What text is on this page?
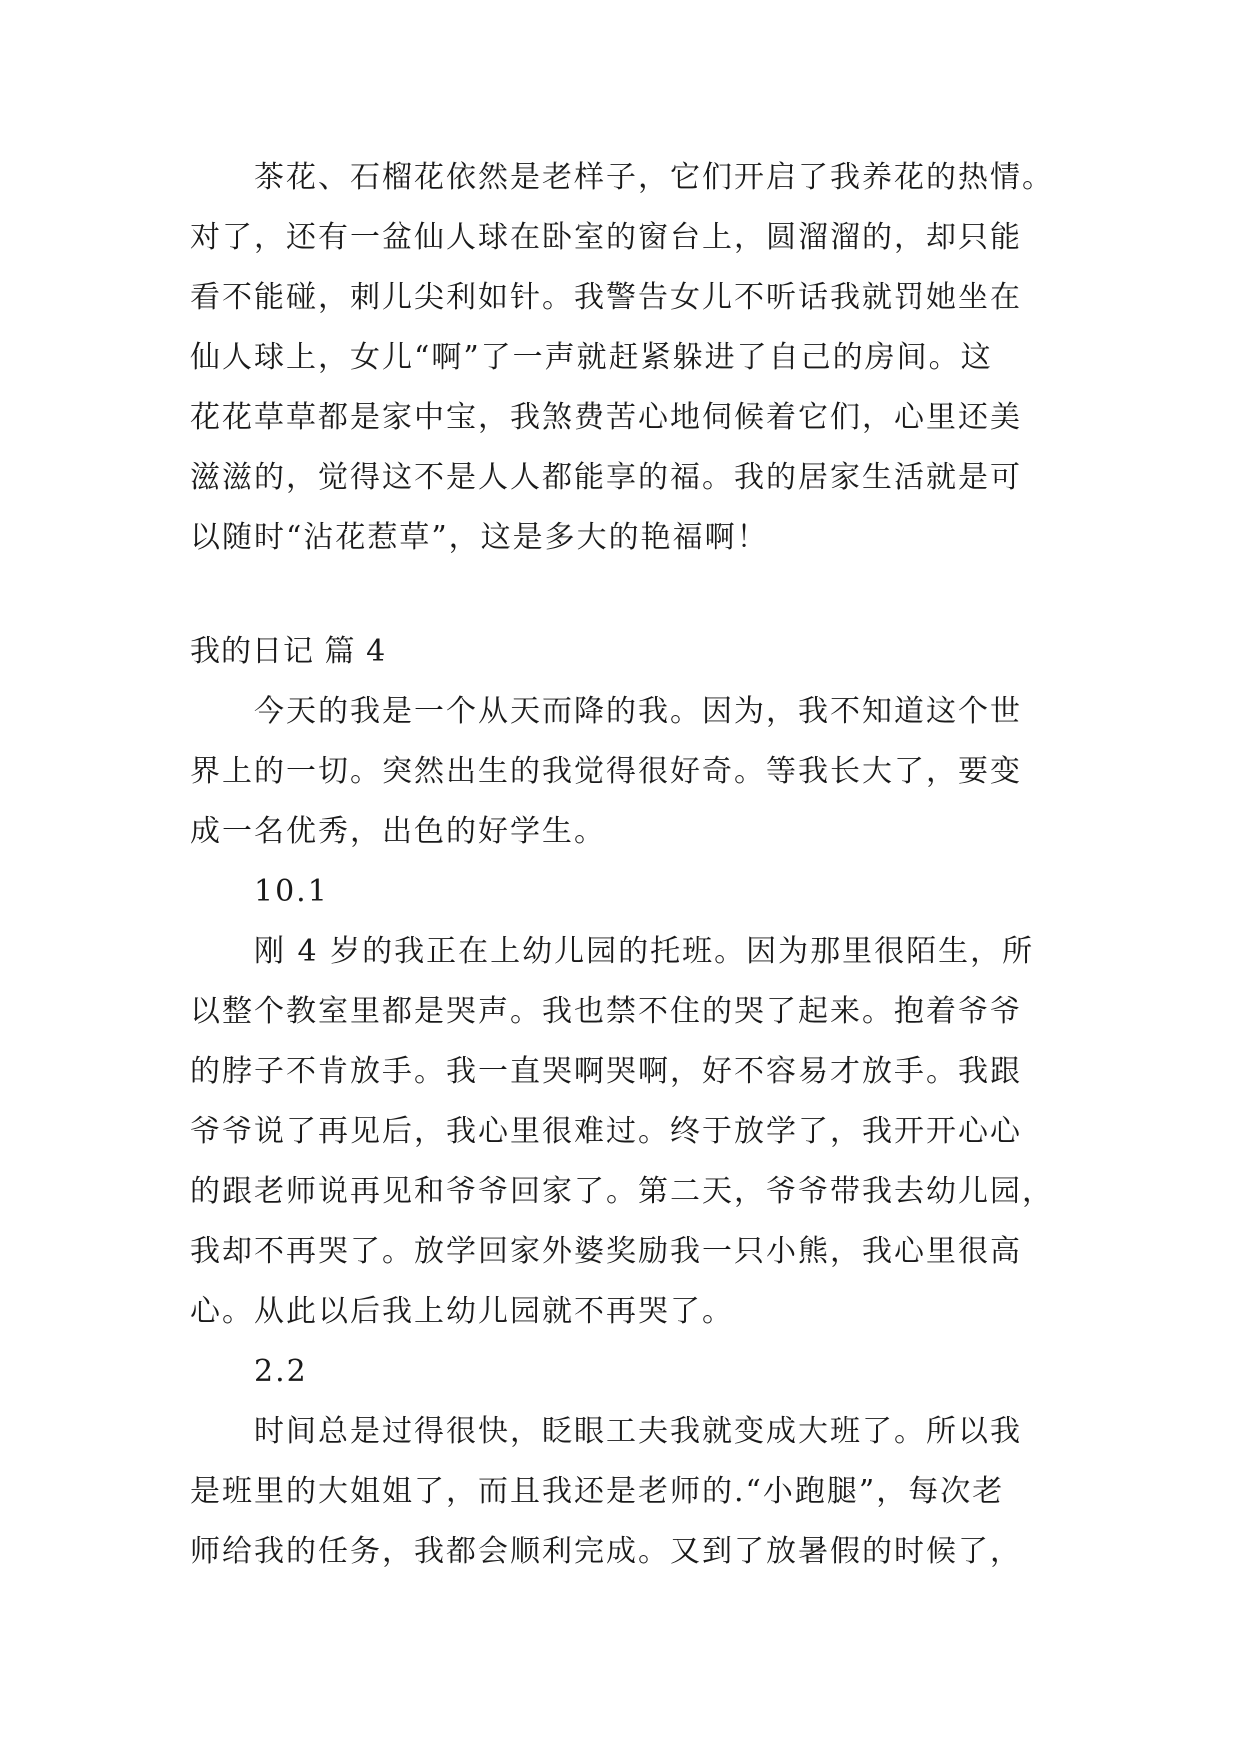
茶花、石榴花依然是老样子，它们开启了我养花的热情。
对了，还有一盆仙人球在卧室的窗台上，圆溜溜的，却只能
看不能碰，刺儿尖利如针。我警告女儿不听话我就罚她坐在
仙人球上，女儿“啊”了一声就赶紧躲进了自己的房间。这
花花草草都是家中宝，我煞费苦心地伺候着它们，心里还美
滋滋的，觉得这不是人人都能享的福。我的居家生活就是可
以随时“沾花惹草”，这是多大的艳福啊！
我的日记 篇 4
今天的我是一个从天而降的我。因为，我不知道这个世
界上的一切。突然出生的我觉得很好奇。等我长大了，要变
成一名优秀，出色的好学生。
10.1
刚 4 岁的我正在上幼儿园的托班。因为那里很陌生，所
以整个教室里都是哭声。我也禁不住的哭了起来。抱着爷爷
的脖子不肯放手。我一直哭啊哭啊，好不容易才放手。我跟
爷爷说了再见后，我心里很难过。终于放学了，我开开心心
的跟老师说再见和爷爷回家了。第二天，爷爷带我去幼儿园，
我却不再哭了。放学回家外婆奖励我一只小熊，我心里很高
心。从此以后我上幼儿园就不再哭了。
2.2
时间总是过得很快，眨眼工夫我就变成大班了。所以我
是班里的大姐姐了，而且我还是老师的.“小跑腿”，每次老
师给我的任务，我都会顺利完成。又到了放暑假的时候了，
